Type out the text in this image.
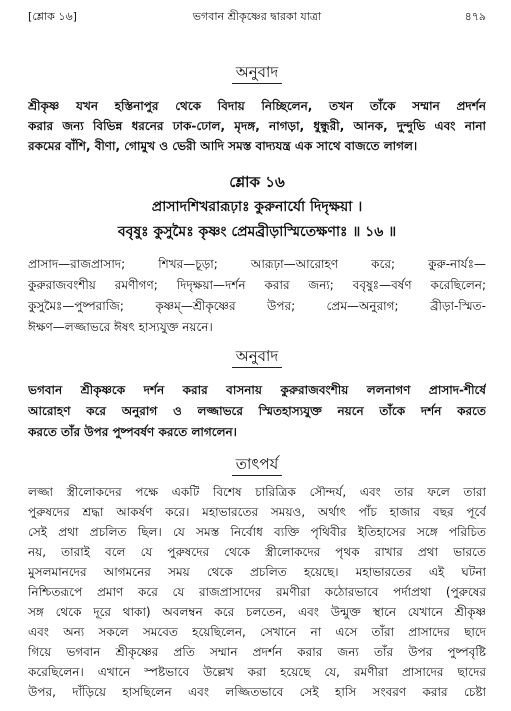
ভগবান শ্রীকৃষ্ণের দ্বারকা যাত্রা
[শ্লোক ১৬]	৪৭৯
অনুবাদ
শ্রীকৃষ্ণ যখন হস্তিনাপুর থেকে বিদায় নিচ্ছিলেন, তখন তাঁকে সম্মান প্রদর্শন
করার জন্য বিভিন্ন ধরনের ঢাক-ঢোল, মৃদঙ্গ, নাগড়া, ধুন্ধুরী, আনক, দুন্দুভি এবং নানা
রকমের বাঁশি, বীণা, গোমুখ ও ভেরী আদি সমস্ত বাদ্যযন্ত্র এক সাথে বাজতে লাগল।
শ্লোক ১৬
প্রাসাদশিখরারূঢ়াঃ কুরুনার্যো দিদৃক্ষয়া ।
ববৃষুঃ কুসুমৈঃ কৃষ্ণং প্রেমব্রীড়াস্মিতেক্ষণাঃ ॥ ১৬ ॥
প্রাসাদ—রাজপ্রাসাদ; শিখর—চূড়া; আরূঢ়া—আরোহণ করে; কুরু-নার্যঃ—
কুরুরাজবংশীয় রমণীগণ; দিদৃক্ষয়া—দর্শন করার জন্য; ববৃষুঃ—বর্ষণ করেছিলেন;
কুসুমৈঃ—পুষ্পরাজি; কৃষ্ণম্—শ্রীকৃষ্ণের উপর; প্রেম—অনুরাগ; ব্রীড়া-স্মিত-
ঈক্ষণ—লজ্জাভরে ঈষৎ হাস্যযুক্ত নয়নে।
অনুবাদ
ভগবান শ্রীকৃষ্ণকে দর্শন করার বাসনায় কুরুরাজবংশীয় ললনাগণ প্রাসাদ-শীর্ষে
আরোহণ করে অনুরাগ ও লজ্জাভরে স্মিতহাস্যযুক্ত নয়নে তাঁকে দর্শন করতে
করতে তাঁর উপর পুষ্পবর্ষণ করতে লাগলেন।
তাৎপর্য
লজ্জা স্ত্রীলোকদের পক্ষে একটি বিশেষ চারিত্রিক সৌন্দর্য, এবং তার ফলে তারা
পুরুষদের শ্রদ্ধা আকর্ষণ করে। মহাভারতের সময়ও, অর্থাৎ পাঁচ হাজার বছর পূর্বে
সেই প্রথা প্রচলিত ছিল। যে সমস্ত নির্বোধ ব্যক্তি পৃথিবীর ইতিহাসের সঙ্গে পরিচিত
নয়, তারাই বলে যে পুরুষদের থেকে স্ত্রীলোকদের পৃথক রাখার প্রথা ভারতে
মুসলমানদের আগমনের সময় থেকে প্রচলিত হয়েছে। মহাভারতের এই ঘটনা
নিশ্চিতরূপে প্রমাণ করে যে রাজপ্রাসাদের রমণীরা কঠোরভাবে পর্দাপ্রথা (পুরুষের
সঙ্গ থেকে দূরে থাকা) অবলম্বন করে চলতেন, এবং উন্মুক্ত স্থানে যেখানে শ্রীকৃষ্ণ
এবং অন্য সকলে সমবেত হয়েছিলেন, সেখানে না এসে তাঁরা প্রাসাদের ছাদে
গিয়ে ভগবান শ্রীকৃষ্ণের প্রতি সম্মান প্রদর্শন করার জন্য তাঁর উপর পুষ্পবৃষ্টি
করেছিলেন। এখানে স্পষ্টভাবে উল্লেখ করা হয়েছে যে, রমণীরা প্রাসাদের ছাদের
উপর, দাঁড়িয়ে হাসছিলেন এবং লজ্জিতভাবে সেই হাসি সংবরণ করার চেষ্টা
